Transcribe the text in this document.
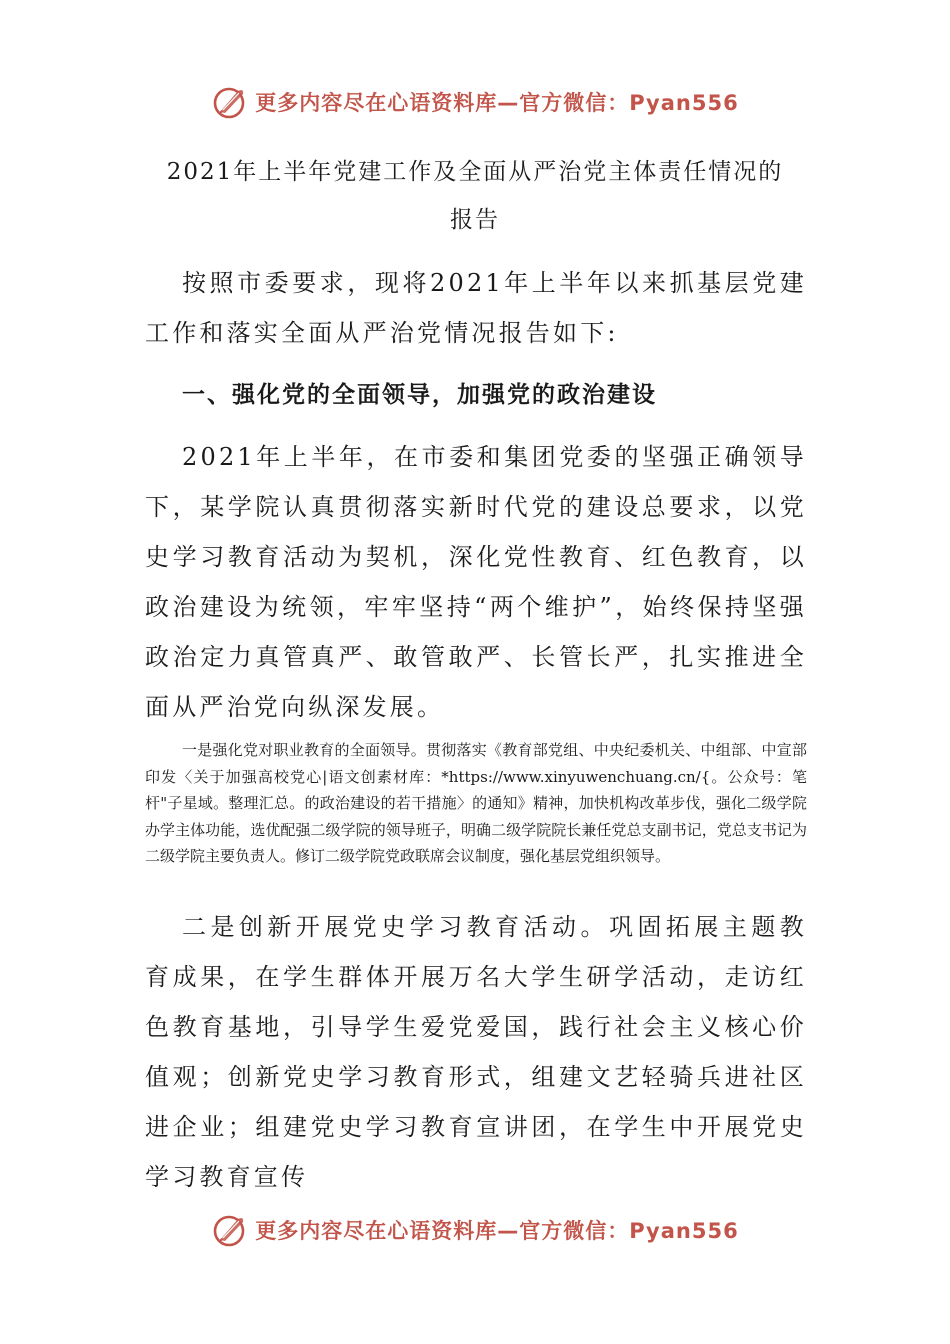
更多内容尽在心语资料库—官方微信：Pyan556
2021年上半年党建工作及全面从严治党主体责任情况的
报告

按照市委要求，现将2021年上半年以来抓基层党建工作和落实全面从严治党情况报告如下:

一、强化党的全面领导，加强党的政治建设

2021年上半年，在市委和集团党委的坚强正确领导下，某学院认真贯彻落实新时代党的建设总要求，以党史学习教育活动为契机，深化党性教育、红色教育，以政治建设为统领，牢牢坚持“两个维护”，始终保持坚强政治定力真管真严、敢管敢严、长管长严，扎实推进全面从严治党向纵深发展。

一是强化党对职业教育的全面领导。贯彻落实《教育部党组、中央纪委机关、中组部、中宣部印发〈关于加强高校党心|语文创素材库：*https://www.xinyuwenchuang.cn/{。公众号：笔杆"子星域。整理汇总。的政治建设的若干措施〉的通知》精神，加快机构改革步伐，强化二级学院办学主体功能，选优配强二级学院的领导班子，明确二级学院院长兼任党总支副书记，党总支书记为二级学院主要负责人。修订二级学院党政联席会议制度，强化基层党组织领导。

二是创新开展党史学习教育活动。巩固拓展主题教育成果，在学生群体开展万名大学生研学活动，走访红色教育基地，引导学生爱党爱国，践行社会主义核心价值观；创新党史学习教育形式，组建文艺轻骑兵进社区进企业；组建党史学习教育宣讲团，在学生中开展党史学习教育宣传

更多内容尽在心语资料库—官方微信：Pyan556
